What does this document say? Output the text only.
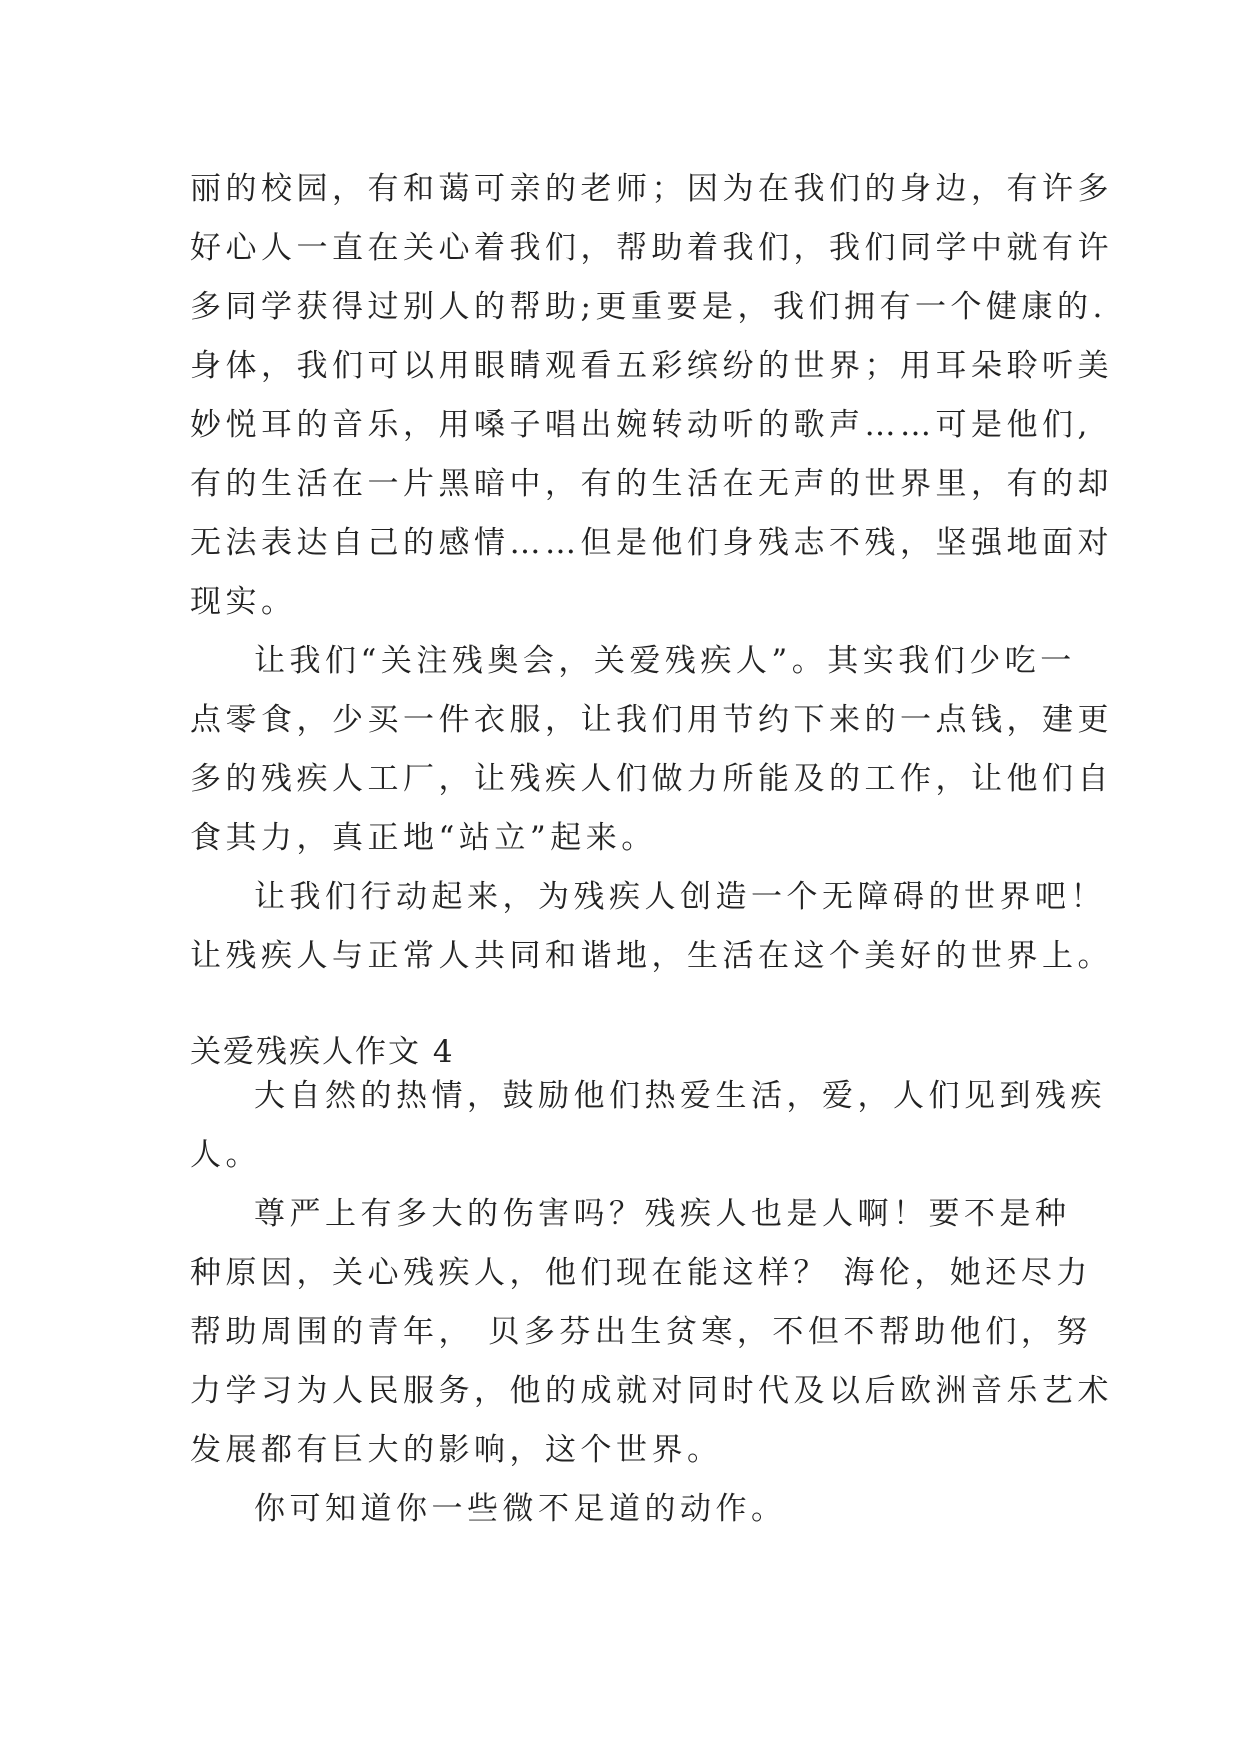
丽的校园，有和蔼可亲的老师；因为在我们的身边，有许多
好心人一直在关心着我们，帮助着我们，我们同学中就有许
多同学获得过别人的帮助;更重要是，我们拥有一个健康的.
身体，我们可以用眼睛观看五彩缤纷的世界；用耳朵聆听美
妙悦耳的音乐，用嗓子唱出婉转动听的歌声……可是他们,
有的生活在一片黑暗中，有的生活在无声的世界里，有的却
无法表达自己的感情……但是他们身残志不残，坚强地面对
现实。
让我们“关注残奥会，关爱残疾人”。其实我们少吃一
点零食，少买一件衣服，让我们用节约下来的一点钱，建更
多的残疾人工厂，让残疾人们做力所能及的工作，让他们自
食其力，真正地“站立”起来。
让我们行动起来，为残疾人创造一个无障碍的世界吧！
让残疾人与正常人共同和谐地，生活在这个美好的世界上。
关爱残疾人作文 4
大自然的热情，鼓励他们热爱生活，爱，人们见到残疾
人。
尊严上有多大的伤害吗？残疾人也是人啊！要不是种
种原因，关心残疾人，他们现在能这样？ 海伦，她还尽力
帮助周围的青年， 贝多芬出生贫寒，不但不帮助他们，努
力学习为人民服务，他的成就对同时代及以后欧洲音乐艺术
发展都有巨大的影响，这个世界。
你可知道你一些微不足道的动作。
